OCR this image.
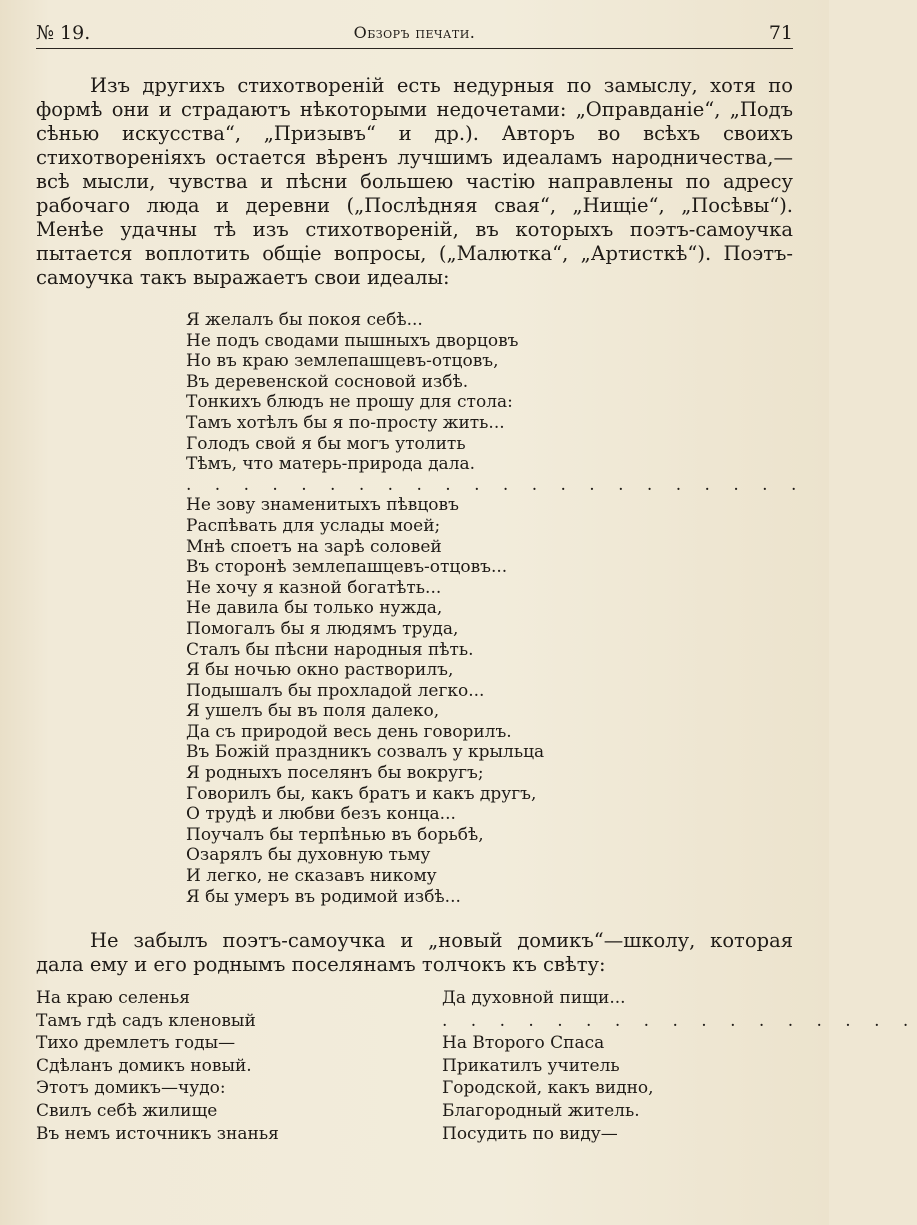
№ 19.	Обзоръ печати.	71

Изъ другихъ стихотвореній есть недурныя по замыслу, хотя по формѣ они и страдаютъ нѣкоторыми недочетами: „Оправданіе“, „Подъ сѣнью искусства“, „Призывъ“ и др.). Авторъ во всѣхъ своихъ стихотвореніяхъ остается вѣренъ лучшимъ идеаламъ народничества,—всѣ мысли, чувства и пѣсни большею частію направлены по адресу рабочаго люда и деревни („Послѣдняя свая“, „Нищіе“, „Посѣвы“). Менѣе удачны тѣ изъ стихотвореній, въ которыхъ поэтъ-самоучка пытается воплотить общіе вопросы, („Малютка“, „Артисткѣ“). Поэтъ-самоучка такъ выражаетъ свои идеалы:

Я желалъ бы покоя себѣ...
Не подъ сводами пышныхъ дворцовъ
Но въ краю землепашцевъ-отцовъ,
Въ деревенской сосновой избѣ.
Тонкихъ блюдъ не прошу для стола:
Тамъ хотѣлъ бы я по-просту жить...
Голодъ свой я бы могъ утолить
Тѣмъ, что матерь-природа дала.
. . . . . . . . . . . . . . . . . . . . . .
Не зову знаменитыхъ пѣвцовъ
Распѣвать для услады моей;
Мнѣ споетъ на зарѣ соловей
Въ сторонѣ землепашцевъ-отцовъ...
Не хочу я казной богатѣть...
Не давила бы только нужда,
Помогалъ бы я людямъ труда,
Сталъ бы пѣсни народныя пѣть.
Я бы ночью окно растворилъ,
Подышалъ бы прохладой легко...
Я ушелъ бы въ поля далеко,
Да съ природой весь день говорилъ.
Въ Божій праздникъ созвалъ у крыльца
Я родныхъ поселянъ бы вокругъ;
Говорилъ бы, какъ братъ и какъ другъ,
О трудѣ и любви безъ конца...
Поучалъ бы терпѣнью въ борьбѣ,
Озарялъ бы духовную тьму
И легко, не сказавъ никому
Я бы умеръ въ родимой избѣ...

Не забылъ поэтъ-самоучка и „новый домикъ“—школу, которая дала ему и его роднымъ поселянамъ толчокъ къ свѣту:

На краю селенья
Тамъ гдѣ садъ кленовый
Тихо дремлетъ годы—
Сдѣланъ домикъ новый.
Этотъ домикъ—чудо:
Свилъ себѣ жилище
Въ немъ источникъ знанья
Да духовной пищи...
. . . . . . . . . . . . . . . . .
На Второго Спаса
Прикатилъ учитель
Городской, какъ видно,
Благородный житель.
Посудить по виду—
